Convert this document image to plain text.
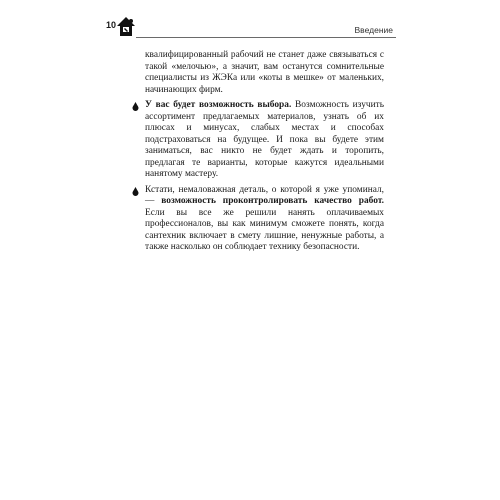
10	Введение

квалифицированный рабочий не станет даже связываться с такой «мелочью», а значит, вам останутся сомнительные специалисты из ЖЭКа или «коты в мешке» от маленьких, начинающих фирм.

У вас будет возможность выбора. Возможность изучить ассортимент предлагаемых материалов, узнать об их плюсах и минусах, слабых местах и способах подстраховаться на будущее. И пока вы будете этим заниматься, вас никто не будет ждать и торопить, предлагая те варианты, которые кажутся идеальными нанятому мастеру.

Кстати, немаловажная деталь, о которой я уже упоминал, — возможность проконтролировать качество работ. Если вы все же решили нанять оплачиваемых профессионалов, вы как минимум сможете понять, когда сантехник включает в смету лишние, ненужные работы, а также насколько он соблюдает технику безопасности.
